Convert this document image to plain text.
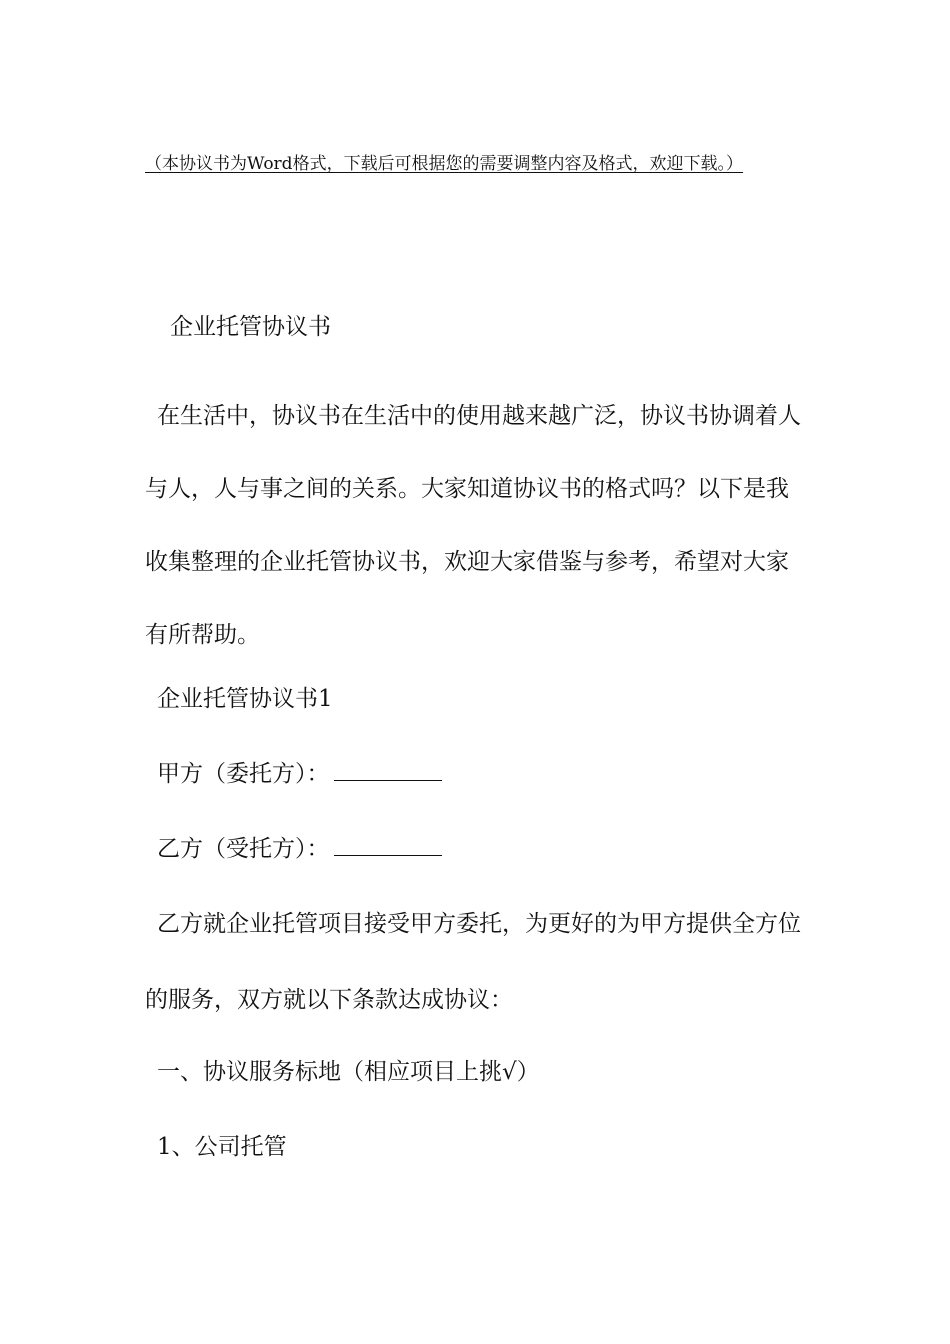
（本协议书为Word格式，下载后可根据您的需要调整内容及格式，欢迎下载。）
企业托管协议书
在生活中，协议书在生活中的使用越来越广泛，协议书协调着人与人，人与事之间的关系。大家知道协议书的格式吗？以下是我收集整理的企业托管协议书，欢迎大家借鉴与参考，希望对大家有所帮助。
企业托管协议书1
甲方（委托方）：
乙方（受托方）：
乙方就企业托管项目接受甲方委托，为更好的为甲方提供全方位的服务，双方就以下条款达成协议：
一、协议服务标地（相应项目上挑√）
1、公司托管
